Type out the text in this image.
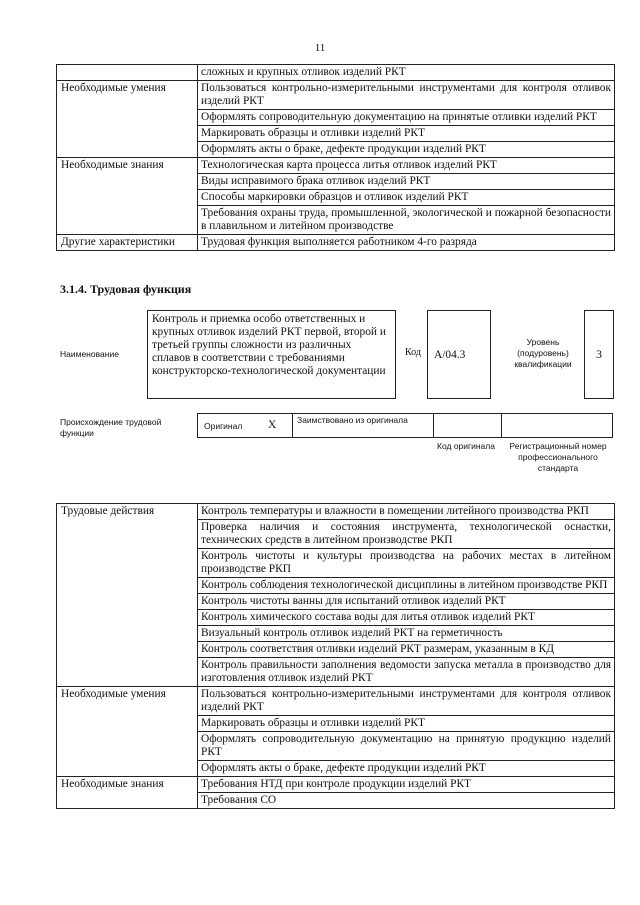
11
	сложных и крупных отливок изделий РКТ
Необходимые умения	Пользоваться контрольно-измерительными инструментами для контроля отливок изделий РКТ
	Оформлять сопроводительную документацию на принятые отливки изделий РКТ
	Маркировать образцы и отливки изделий РКТ
	Оформлять акты о браке, дефекте продукции изделий РКТ
Необходимые знания	Технологическая карта процесса литья отливок изделий РКТ
	Виды исправимого брака отливок изделий РКТ
	Способы маркировки образцов и отливок изделий РКТ
	Требования охраны труда, промышленной, экологической и пожарной безопасности в плавильном и литейном производстве
Другие характеристики	Трудовая функция выполняется работником 4-го разряда
3.1.4. Трудовая функция
Наименование
Контроль и приемка особо ответственных и крупных отливок изделий РКТ первой, второй и третьей группы сложности из различных сплавов в соответствии с требованиями конструкторско-технологической документации
Код	А/04.3
Уровень (подуровень) квалификации
3
Происхождение трудовой функции
Оригинал X Заимствовано из оригинала
Код оригинала Регистрационный номер профессионального стандарта
Трудовые действия	Контроль температуры и влажности в помещении литейного производства РКП
	Проверка наличия и состояния инструмента, технологической оснастки, технических средств в литейном производстве РКП
	Контроль чистоты и культуры производства на рабочих местах в литейном производстве РКП
	Контроль соблюдения технологической дисциплины в литейном производстве РКП
	Контроль чистоты ванны для испытаний отливок изделий РКТ
	Контроль химического состава воды для литья отливок изделий РКТ
	Визуальный контроль отливок изделий РКТ на герметичность
	Контроль соответствия отливки изделий РКТ размерам, указанным в КД
	Контроль правильности заполнения ведомости запуска металла в производство для изготовления отливок изделий РКТ
Необходимые умения	Пользоваться контрольно-измерительными инструментами для контроля отливок изделий РКТ
	Маркировать образцы и отливки изделий РКТ
	Оформлять сопроводительную документацию на принятую продукцию изделий РКТ
	Оформлять акты о браке, дефекте продукции изделий РКТ
Необходимые знания	Требования НТД при контроле продукции изделий РКТ
	Требования СО
